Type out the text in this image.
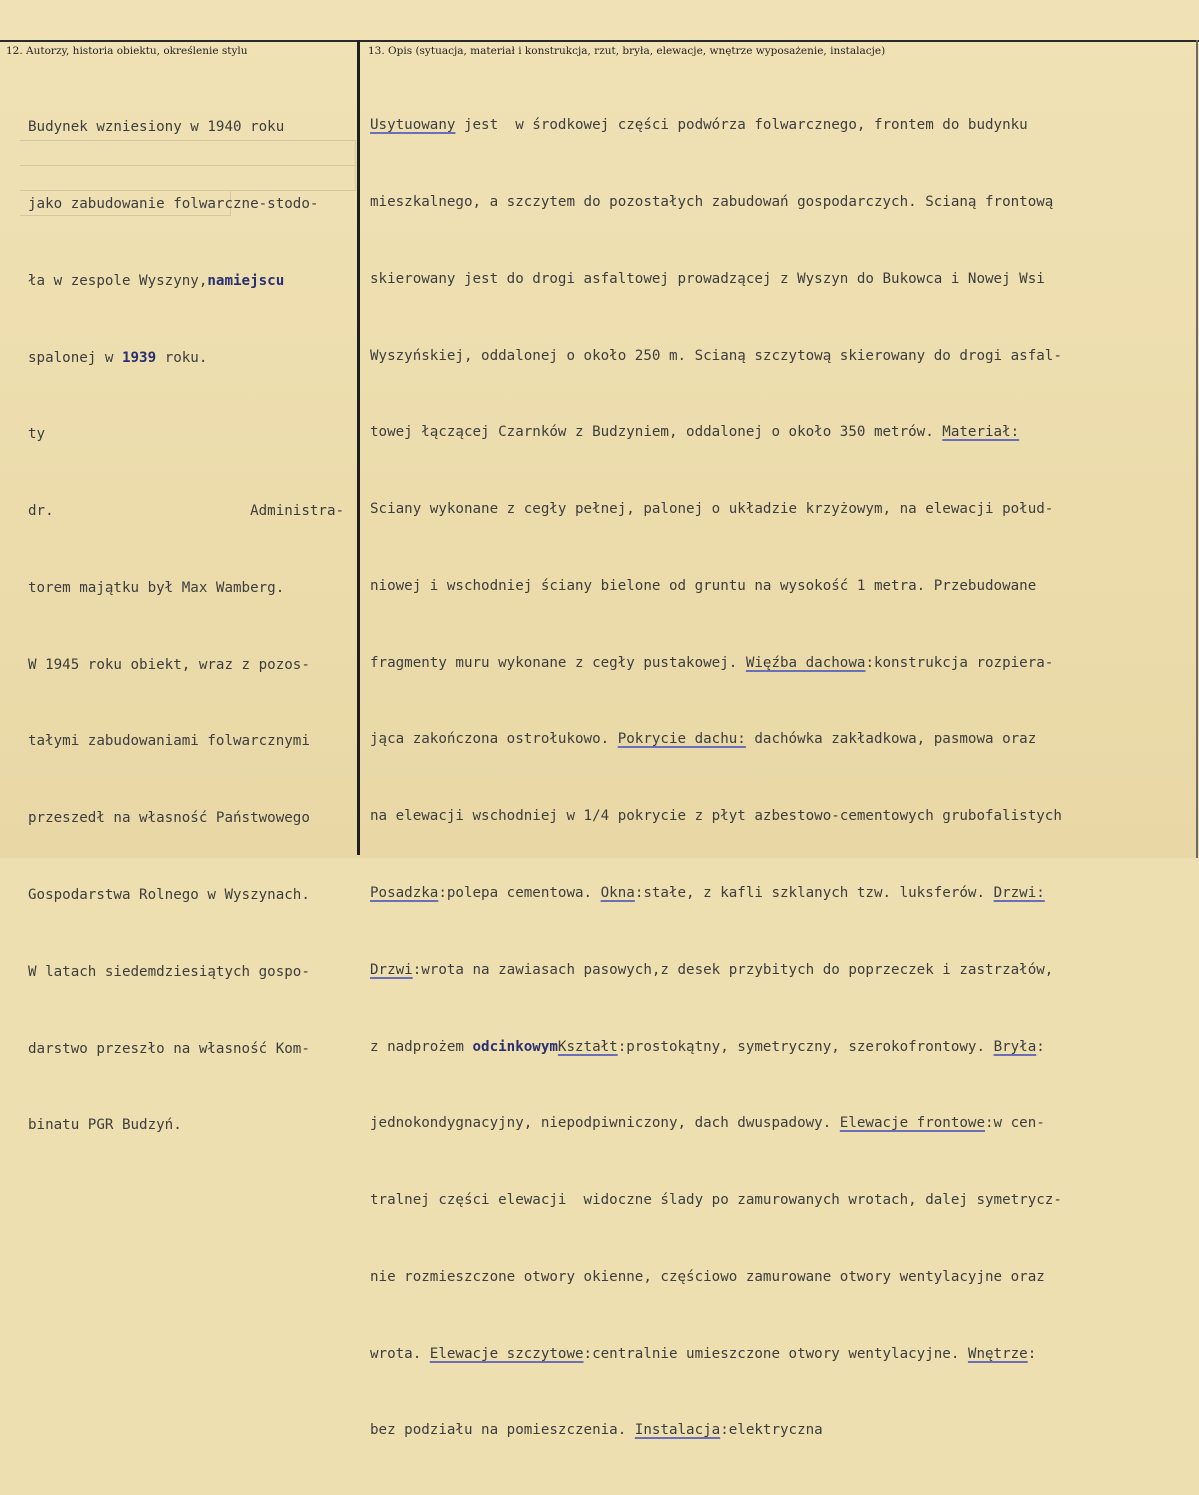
12. Autorzy, historia obiektu, określenie stylu	13. Opis (sytuacja, materiał i konstrukcja, rzut, bryła, elewacje, wnętrze wyposażenie, instalacje)

Budynek wzniesiony w 1940 roku

jako zabudowanie folwarczne-stodo-

ła w zespole Wyszyny,namiejscu

spalonej w 1939 roku.

ty

dr.                       Administra-

torem majątku był Max Wamberg.

W 1945 roku obiekt, wraz z pozos-

tałymi zabudowaniami folwarcznymi

przeszedł na własność Państwowego

Gospodarstwa Rolnego w Wyszynach.

W latach siedemdziesiątych gospo-

darstwo przeszło na własność Kom-

binatu PGR Budzyń.

Usytuowany jest  w środkowej części podwórza folwarcznego, frontem do budynku

mieszkalnego, a szczytem do pozostałych zabudowań gospodarczych. Scianą frontową

skierowany jest do drogi asfaltowej prowadzącej z Wyszyn do Bukowca i Nowej Wsi

Wyszyńskiej, oddalonej o około 250 m. Scianą szczytową skierowany do drogi asfal-

towej łączącej Czarnków z Budzyniem, oddalonej o około 350 metrów. Materiał:

Sciany wykonane z cegły pełnej, palonej o układzie krzyżowym, na elewacji połud-

niowej i wschodniej ściany bielone od gruntu na wysokość 1 metra. Przebudowane

fragmenty muru wykonane z cegły pustakowej. Więźba dachowa:konstrukcja rozpiera-

jąca zakończona ostrołukowo. Pokrycie dachu: dachówka zakładkowa, pasmowa oraz

na elewacji wschodniej w 1/4 pokrycie z płyt azbestowo-cementowych grubofalistych

Posadzka:polepa cementowa. Okna:stałe, z kafli szklanych tzw. luksferów. Drzwi:

Drzwi:wrota na zawiasach pasowych,z desek przybitych do poprzeczek i zastrzałów,

z nadprożem odcinkowymKształt:prostokątny, symetryczny, szerokofrontowy. Bryła:

jednokondygnacyjny, niepodpiwniczony, dach dwuspadowy. Elewacje frontowe:w cen-

tralnej części elewacji  widoczne ślady po zamurowanych wrotach, dalej symetrycz-

nie rozmieszczone otwory okienne, częściowo zamurowane otwory wentylacyjne oraz

wrota. Elewacje szczytowe:centralnie umieszczone otwory wentylacyjne. Wnętrze:

bez podziału na pomieszczenia. Instalacja:elektryczna
